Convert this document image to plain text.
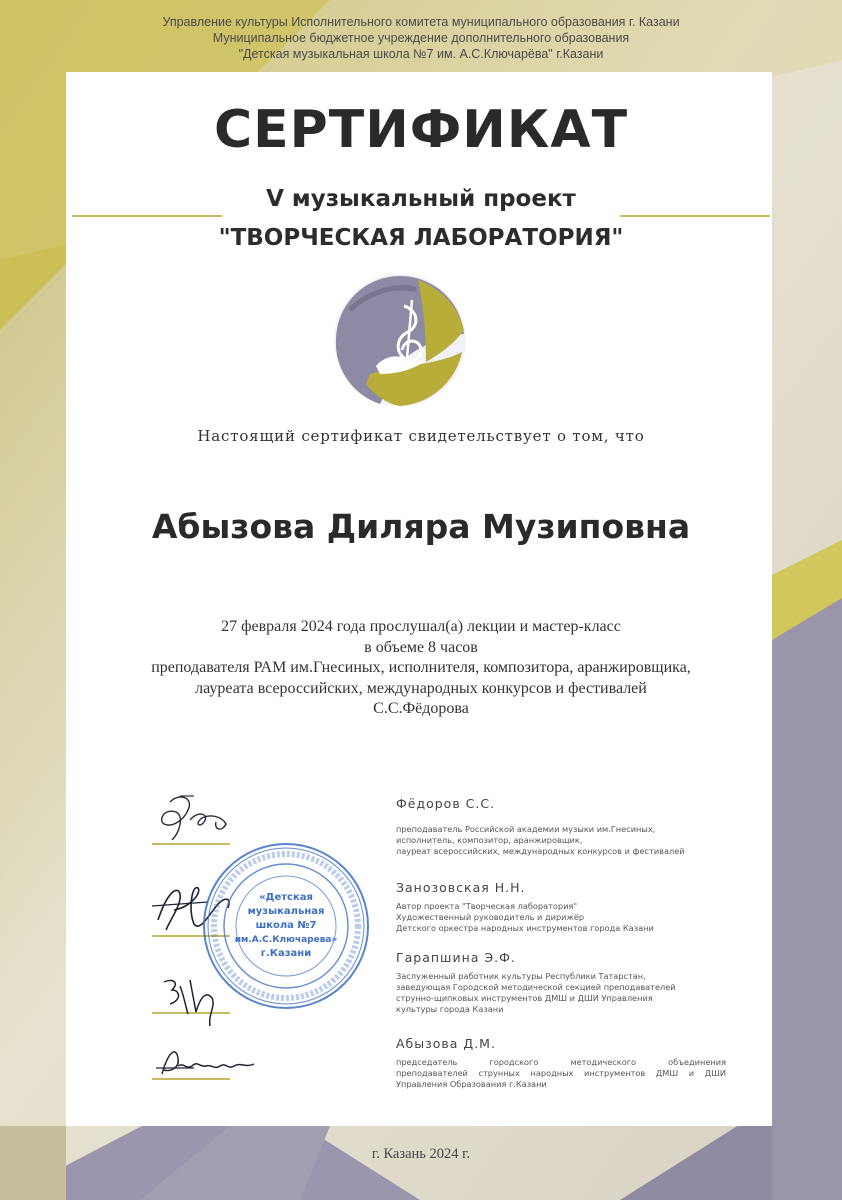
Управление культуры Исполнительного комитета муниципального образования г. Казани
Муниципальное бюджетное учреждение дополнительного образования
"Детская музыкальная школа №7 им. А.С.Ключарёва" г.Казани
СЕРТИФИКАТ
V музыкальный проект
"ТВОРЧЕСКАЯ ЛАБОРАТОРИЯ"
Настоящий сертификат свидетельствует о том, что
Абызова Диляра Музиповна
27 февраля 2024 года прослушал(а) лекции и мастер-класс
в объеме 8 часов
преподавателя РАМ им.Гнесиных, исполнителя, композитора, аранжировщика,
лауреата всероссийских, международных конкурсов и фестивалей
С.С.Фёдорова
«Детская
музыкальная
школа №7
им.А.С.Ключарева»
г.Казани
Фёдоров С.С.
преподаватель Российской академии музыки им.Гнесиных,
исполнитель, композитор, аранжировщик,
лауреат всероссийских, международных конкурсов и фестивалей
Занозовская Н.Н.
Автор проекта "Творческая лаборатория"
Художественный руководитель и дирижёр
Детского оркестра народных инструментов города Казани
Гарапшина Э.Ф.
Заслуженный работник культуры Республики Татарстан,
заведующая Городской методической секцией преподавателей
струнно-щипковых инструментов ДМШ и ДШИ Управления
культуры города Казани
Абызова Д.М.
председатель городского методического объединения
преподавателей струнных народных инструментов ДМШ и ДШИ
Управления Образования г.Казани
г. Казань 2024 г.
